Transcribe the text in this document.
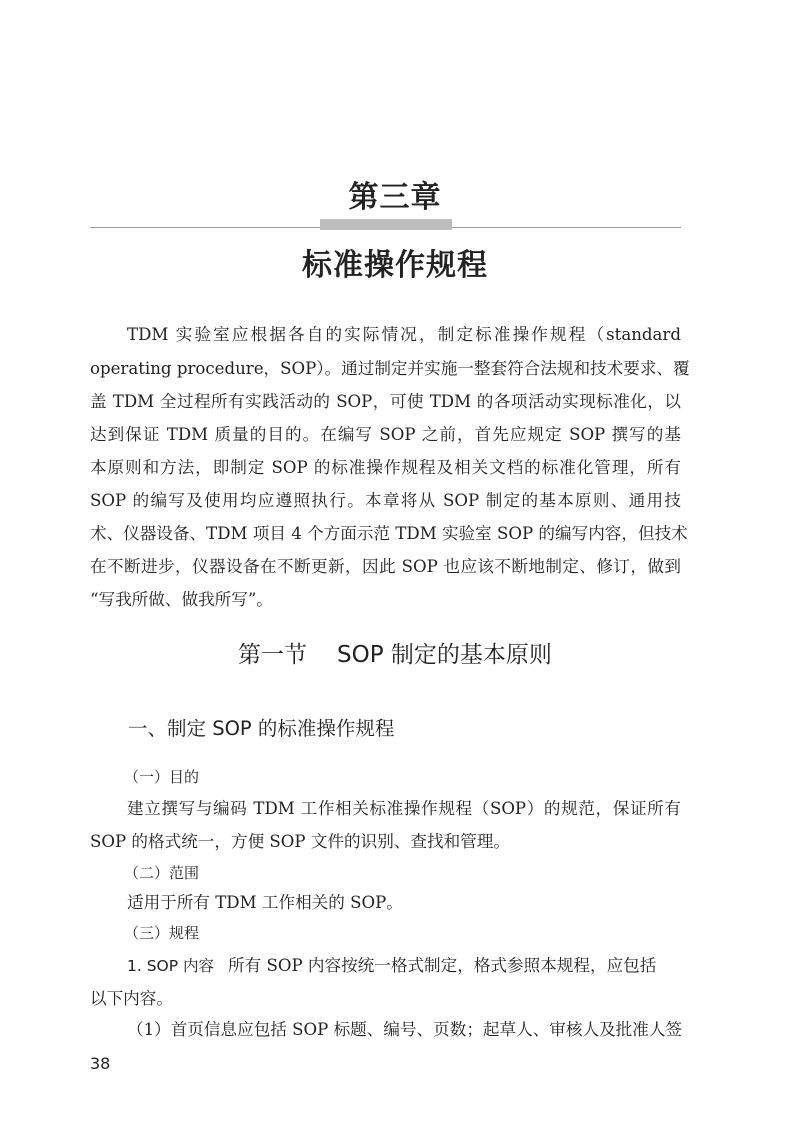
第三章
标准操作规程
TDM 实验室应根据各自的实际情况，制定标准操作规程（standard
operating procedure，SOP）。通过制定并实施一整套符合法规和技术要求、覆
盖 TDM 全过程所有实践活动的 SOP，可使 TDM 的各项活动实现标准化，以
达到保证 TDM 质量的目的。在编写 SOP 之前，首先应规定 SOP 撰写的基
本原则和方法，即制定 SOP 的标准操作规程及相关文档的标准化管理，所有
SOP 的编写及使用均应遵照执行。本章将从 SOP 制定的基本原则、通用技
术、仪器设备、TDM 项目 4 个方面示范 TDM 实验室 SOP 的编写内容，但技术
在不断进步，仪器设备在不断更新，因此 SOP 也应该不断地制定、修订，做到
“写我所做、做我所写”。
第一节 SOP 制定的基本原则
一、制定 SOP 的标准操作规程
（一）目的
建立撰写与编码 TDM 工作相关标准操作规程（SOP）的规范，保证所有
SOP 的格式统一，方便 SOP 文件的识别、查找和管理。
（二）范围
适用于所有 TDM 工作相关的 SOP。
（三）规程
1. SOP 内容 所有 SOP 内容按统一格式制定，格式参照本规程，应包括
以下内容。
（1）首页信息应包括 SOP 标题、编号、页数；起草人、审核人及批准人签
38
